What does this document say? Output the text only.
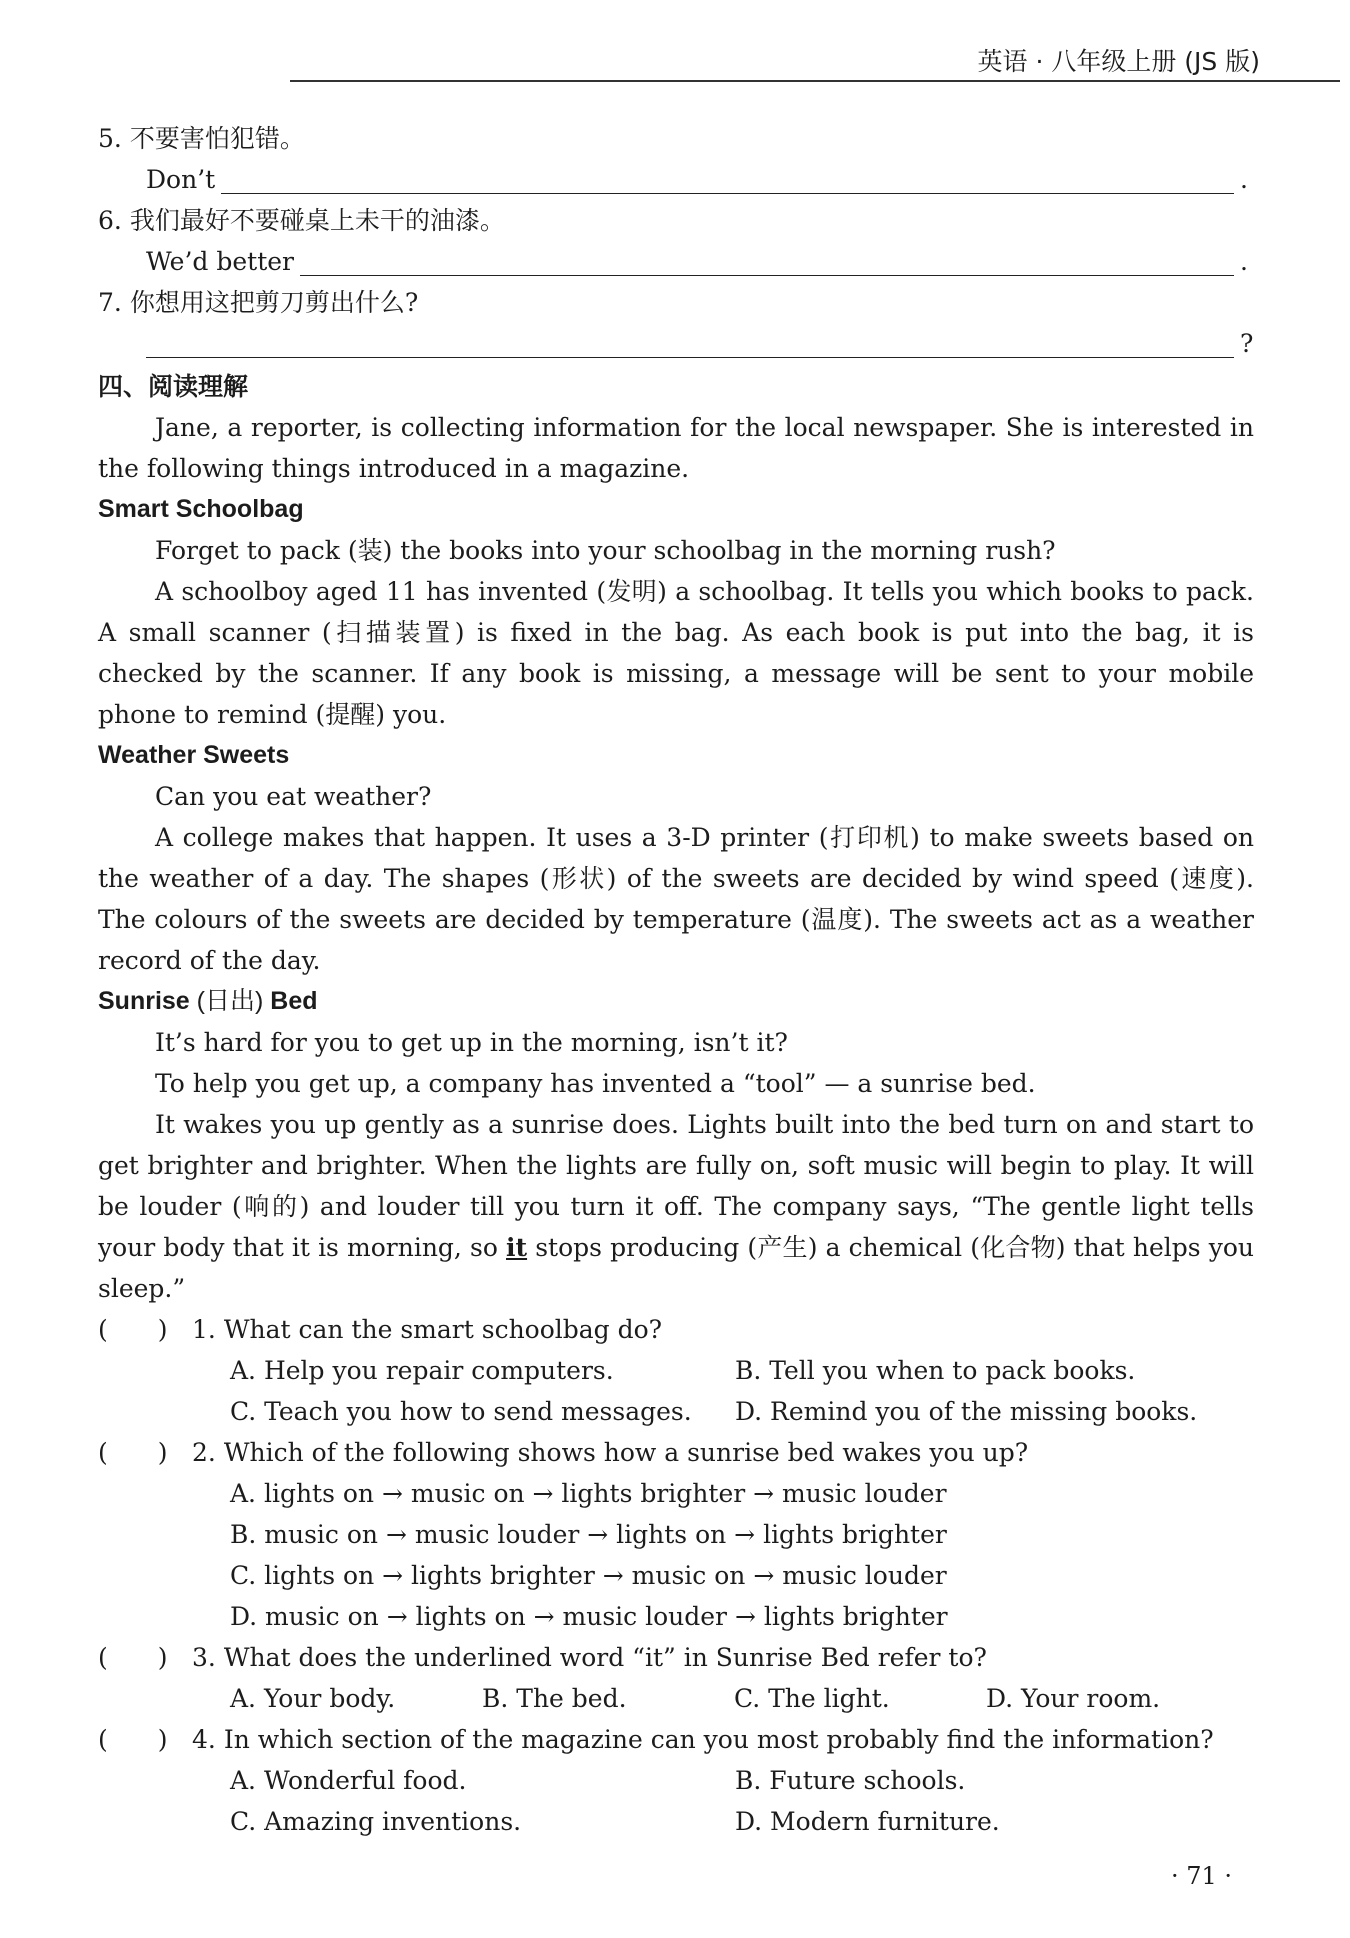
英语 · 八年级上册 (JS 版)
5. 不要害怕犯错。
Don’t	.
6. 我们最好不要碰桌上未干的油漆。
We’d better	.
7. 你想用这把剪刀剪出什么?
?
四、阅读理解

Jane, a reporter, is collecting information for the local newspaper. She is interested in the following things introduced in a magazine.

Smart Schoolbag

Forget to pack (装) the books into your schoolbag in the morning rush?

A schoolboy aged 11 has invented (发明) a schoolbag. It tells you which books to pack. A small scanner (扫描装置) is fixed in the bag. As each book is put into the bag, it is checked by the scanner. If any book is missing, a message will be sent to your mobile phone to remind (提醒) you.

Weather Sweets

Can you eat weather?

A college makes that happen. It uses a 3-D printer (打印机) to make sweets based on the weather of a day. The shapes (形状) of the sweets are decided by wind speed (速度). The colours of the sweets are decided by temperature (温度). The sweets act as a weather record of the day.

Sunrise (日出) Bed

It’s hard for you to get up in the morning, isn’t it?

To help you get up, a company has invented a “tool” — a sunrise bed.

It wakes you up gently as a sunrise does. Lights built into the bed turn on and start to get brighter and brighter. When the lights are fully on, soft music will begin to play. It will be louder (响的) and louder till you turn it off. The company says, “The gentle light tells your body that it is morning, so it stops producing (产生) a chemical (化合物) that helps you sleep.”

(　　) 1.
What can the smart schoolbag do?
A. Help you repair computers.	B. Tell you when to pack books.
C. Teach you how to send messages.	D. Remind you of the missing books.
(　　) 2.
Which of the following shows how a sunrise bed wakes you up?
A. lights on → music on → lights brighter → music louder
B. music on → music louder → lights on → lights brighter
C. lights on → lights brighter → music on → music louder
D. music on → lights on → music louder → lights brighter
(　　) 3.
What does the underlined word “it” in Sunrise Bed refer to?
A. Your body.	B. The bed.	C. The light.	D. Your room.
(　　) 4.
In which section of the magazine can you most probably find the information?
A. Wonderful food.	B. Future schools.
C. Amazing inventions.	D. Modern furniture.
· 71 ·
